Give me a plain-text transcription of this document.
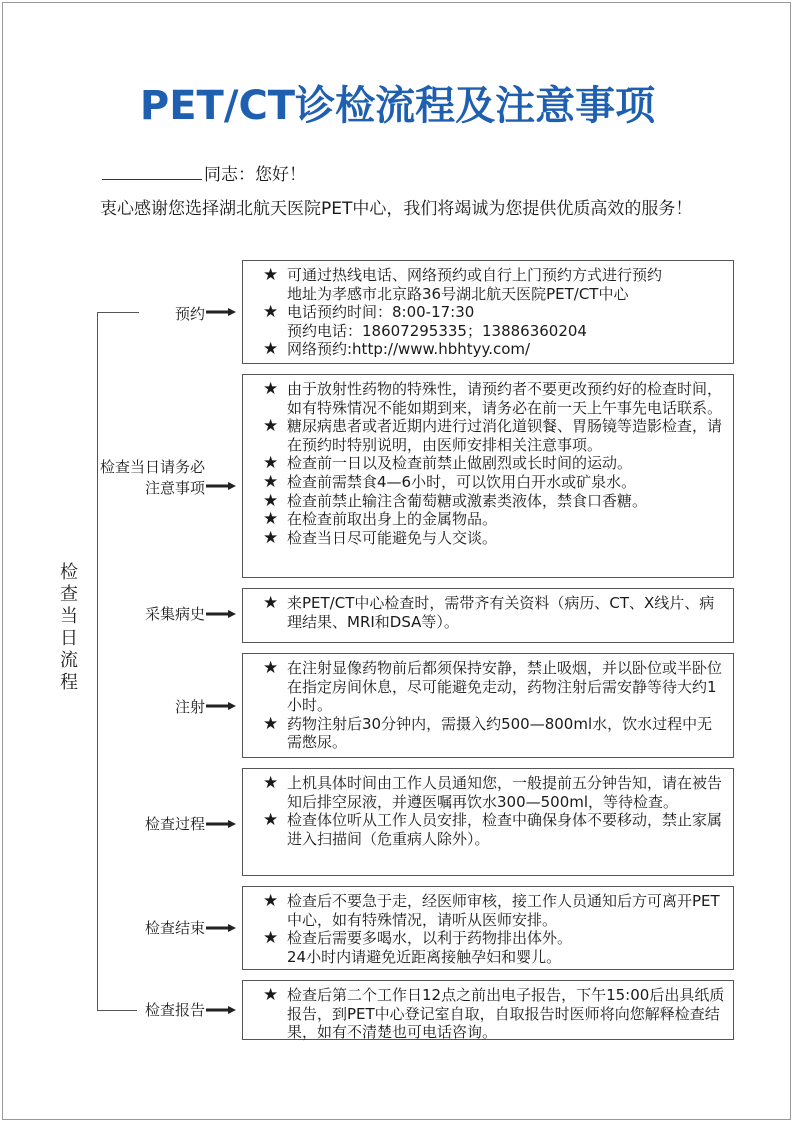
PET/CT诊检流程及注意事项
同志：您好！
衷心感谢您选择湖北航天医院PET中心，我们将竭诚为您提供优质高效的服务！
检查当日流程
预约
★ 可通过热线电话、网络预约或自行上门预约方式进行预约
地址为孝感市北京路36号湖北航天医院PET/CT中心
★ 电话预约时间：8:00-17:30
预约电话：18607295335；13886360204
★ 网络预约:http://www.hbhtyy.com/
检查当日请务必
注意事项
★ 由于放射性药物的特殊性，请预约者不要更改预约好的检查时间，如有特殊情况不能如期到来，请务必在前一天上午事先电话联系。
★ 糖尿病患者或者近期内进行过消化道钡餐、胃肠镜等造影检查，请在预约时特别说明，由医师安排相关注意事项。
★ 检查前一日以及检查前禁止做剧烈或长时间的运动。
★ 检查前需禁食4—6小时，可以饮用白开水或矿泉水。
★ 检查前禁止输注含葡萄糖或激素类液体，禁食口香糖。
★ 在检查前取出身上的金属物品。
★ 检查当日尽可能避免与人交谈。
采集病史
★ 来PET/CT中心检查时，需带齐有关资料（病历、CT、X线片、病理结果、MRI和DSA等）。
注射
★ 在注射显像药物前后都须保持安静，禁止吸烟，并以卧位或半卧位在指定房间休息，尽可能避免走动，药物注射后需安静等待大约1小时。
★ 药物注射后30分钟内，需摄入约500—800ml水，饮水过程中无需憋尿。
检查过程
★ 上机具体时间由工作人员通知您，一般提前五分钟告知，请在被告知后排空尿液，并遵医嘱再饮水300—500ml，等待检查。
★ 检查体位听从工作人员安排，检查中确保身体不要移动，禁止家属进入扫描间（危重病人除外）。
检查结束
★ 检查后不要急于走，经医师审核，接工作人员通知后方可离开PET中心，如有特殊情况，请听从医师安排。
★ 检查后需要多喝水，以利于药物排出体外。
24小时内请避免近距离接触孕妇和婴儿。
检查报告
★ 检查后第二个工作日12点之前出电子报告，下午15:00后出具纸质报告，到PET中心登记室自取，自取报告时医师将向您解释检查结果，如有不清楚也可电话咨询。
